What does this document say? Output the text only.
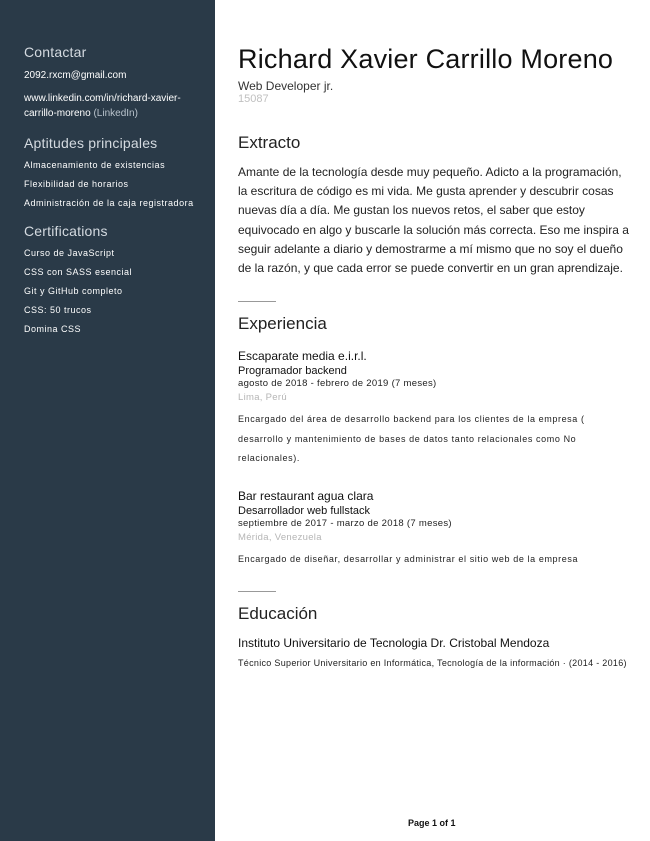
Contactar

2092.rxcm@gmail.com

www.linkedin.com/in/richard-xavier-carrillo-moreno (LinkedIn)

Aptitudes principales
Almacenamiento de existencias
Flexibilidad de horarios
Administración de la caja registradora
Certifications
Curso de JavaScript
CSS con SASS esencial
Git y GitHub completo
CSS: 50 trucos
Domina CSS
Richard Xavier Carrillo Moreno
Web Developer jr.
15087
Extracto

Amante de la tecnología desde muy pequeño. Adicto a la programación, la escritura de código es mi vida. Me gusta aprender y descubrir cosas nuevas día a día. Me gustan los nuevos retos, el saber que estoy equivocado en algo y buscarle la solución más correcta. Eso me inspira a seguir adelante a diario y demostrarme a mí mismo que no soy el dueño de la razón, y que cada error se puede convertir en un gran aprendizaje.

Experiencia
Escaparate media e.i.r.l.
Programador backend
agosto de 2018 - febrero de 2019 (7 meses)
Lima, Perú
Encargado del área de desarrollo backend para los clientes de la empresa ( desarrollo y mantenimiento de bases de datos tanto relacionales como No relacionales).
Bar restaurant agua clara
Desarrollador web fullstack
septiembre de 2017 - marzo de 2018 (7 meses)
Mérida, Venezuela
Encargado de diseñar, desarrollar y administrar el sitio web de la empresa
Educación
Instituto Universitario de Tecnologia Dr. Cristobal Mendoza
Técnico Superior Universitario en Informática, Tecnología de la información · (2014 - 2016)
Page 1 of 1
